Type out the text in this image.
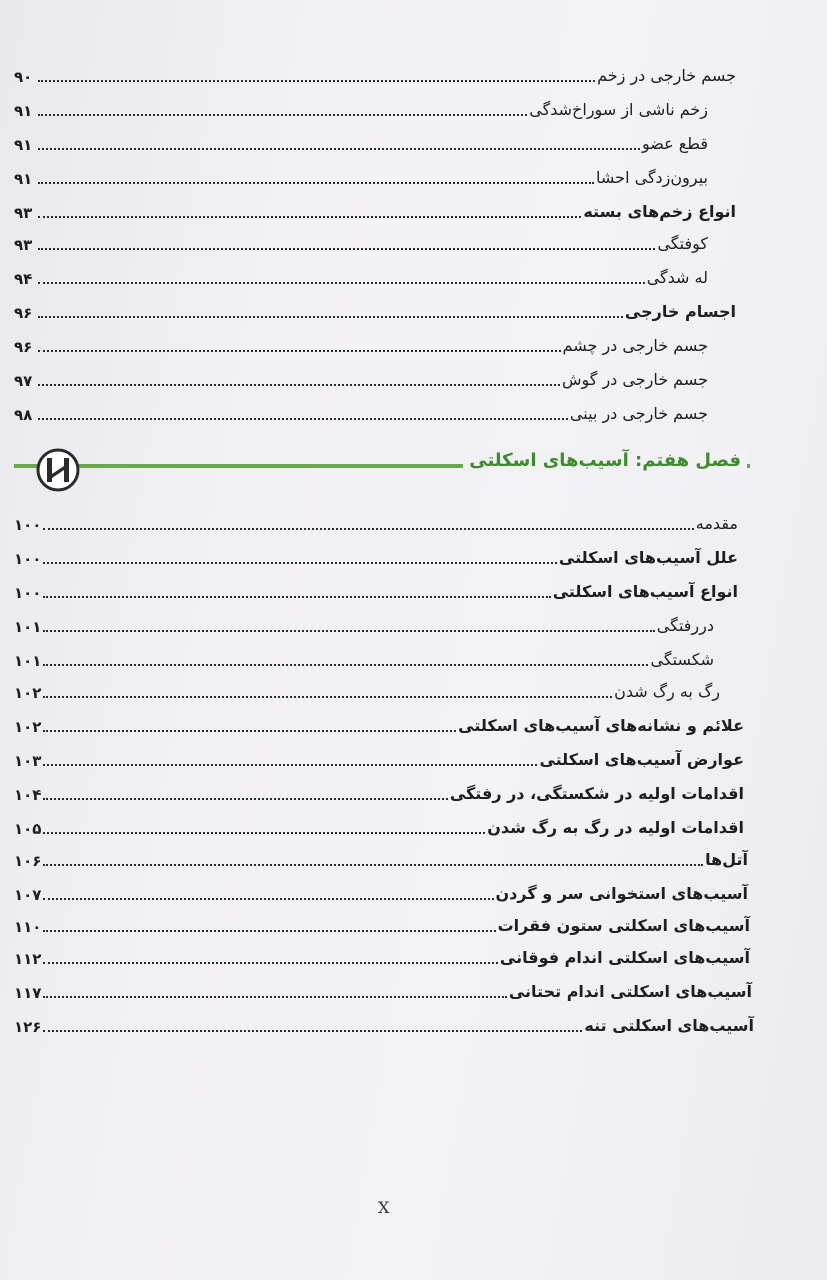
۹۰	جسم خارجی در زخم
۹۱	زخم ناشی از سوراخ‌شدگی
۹۱	قطع عضو
۹۱	بیرون‌زدگی احشا
۹۳	انواع زخم‌های بسته
۹۳	کوفتگی
۹۴	له شدگی
۹۶	اجسام خارجی
۹۶	جسم خارجی در چشم
۹۷	جسم خارجی در گوش
۹۸	جسم خارجی در بینی
فصل هفتم: آسیب‌های اسکلتی
۱۰۰	مقدمه
۱۰۰	علل آسیب‌های اسکلتی
۱۰۰	انواع آسیب‌های اسکلتی
۱۰۱	دررفتگی
۱۰۱	شکستگی
۱۰۲	رگ به رگ شدن
۱۰۲	علائم و نشانه‌های آسیب‌های اسکلتی
۱۰۳	عوارض آسیب‌های اسکلتی
۱۰۴	اقدامات اولیه در شکستگی، در رفتگی
۱۰۵	اقدامات اولیه در رگ به رگ شدن
۱۰۶	آتل‌ها
۱۰۷	آسیب‌های استخوانی سر و گردن
۱۱۰	آسیب‌های اسکلتی ستون فقرات
۱۱۲	آسیب‌های اسکلتی اندام فوقانی
۱۱۷	آسیب‌های اسکلتی اندام تحتانی
۱۲۶	آسیب‌های اسکلتی تنه
X
